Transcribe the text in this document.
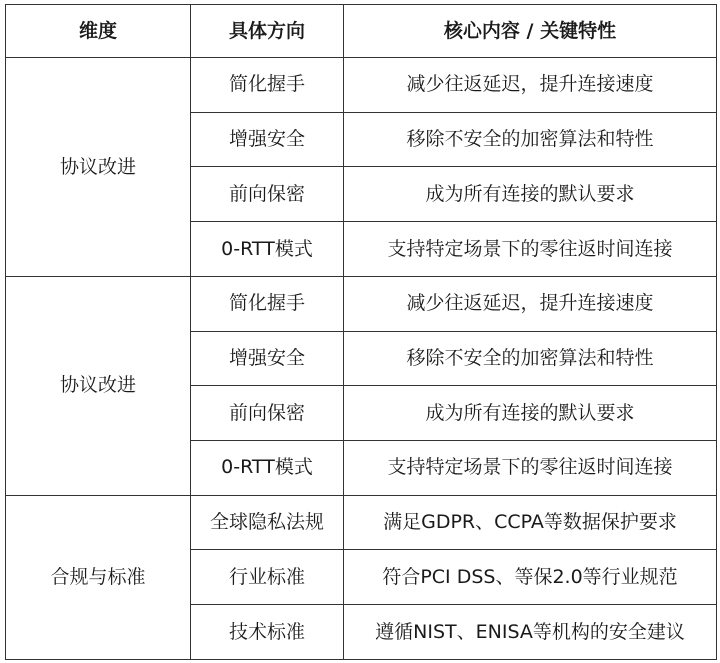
维度	具体方向	核心内容 / 关键特性
协议改进	简化握手	减少往返延迟，提升连接速度
	增强安全	移除不安全的加密算法和特性
	前向保密	成为所有连接的默认要求
	0-RTT模式	支持特定场景下的零往返时间连接
协议改进	简化握手	减少往返延迟，提升连接速度
	增强安全	移除不安全的加密算法和特性
	前向保密	成为所有连接的默认要求
	0-RTT模式	支持特定场景下的零往返时间连接
合规与标准	全球隐私法规	满足GDPR、CCPA等数据保护要求
	行业标准	符合PCI DSS、等保2.0等行业规范
	技术标准	遵循NIST、ENISA等机构的安全建议
